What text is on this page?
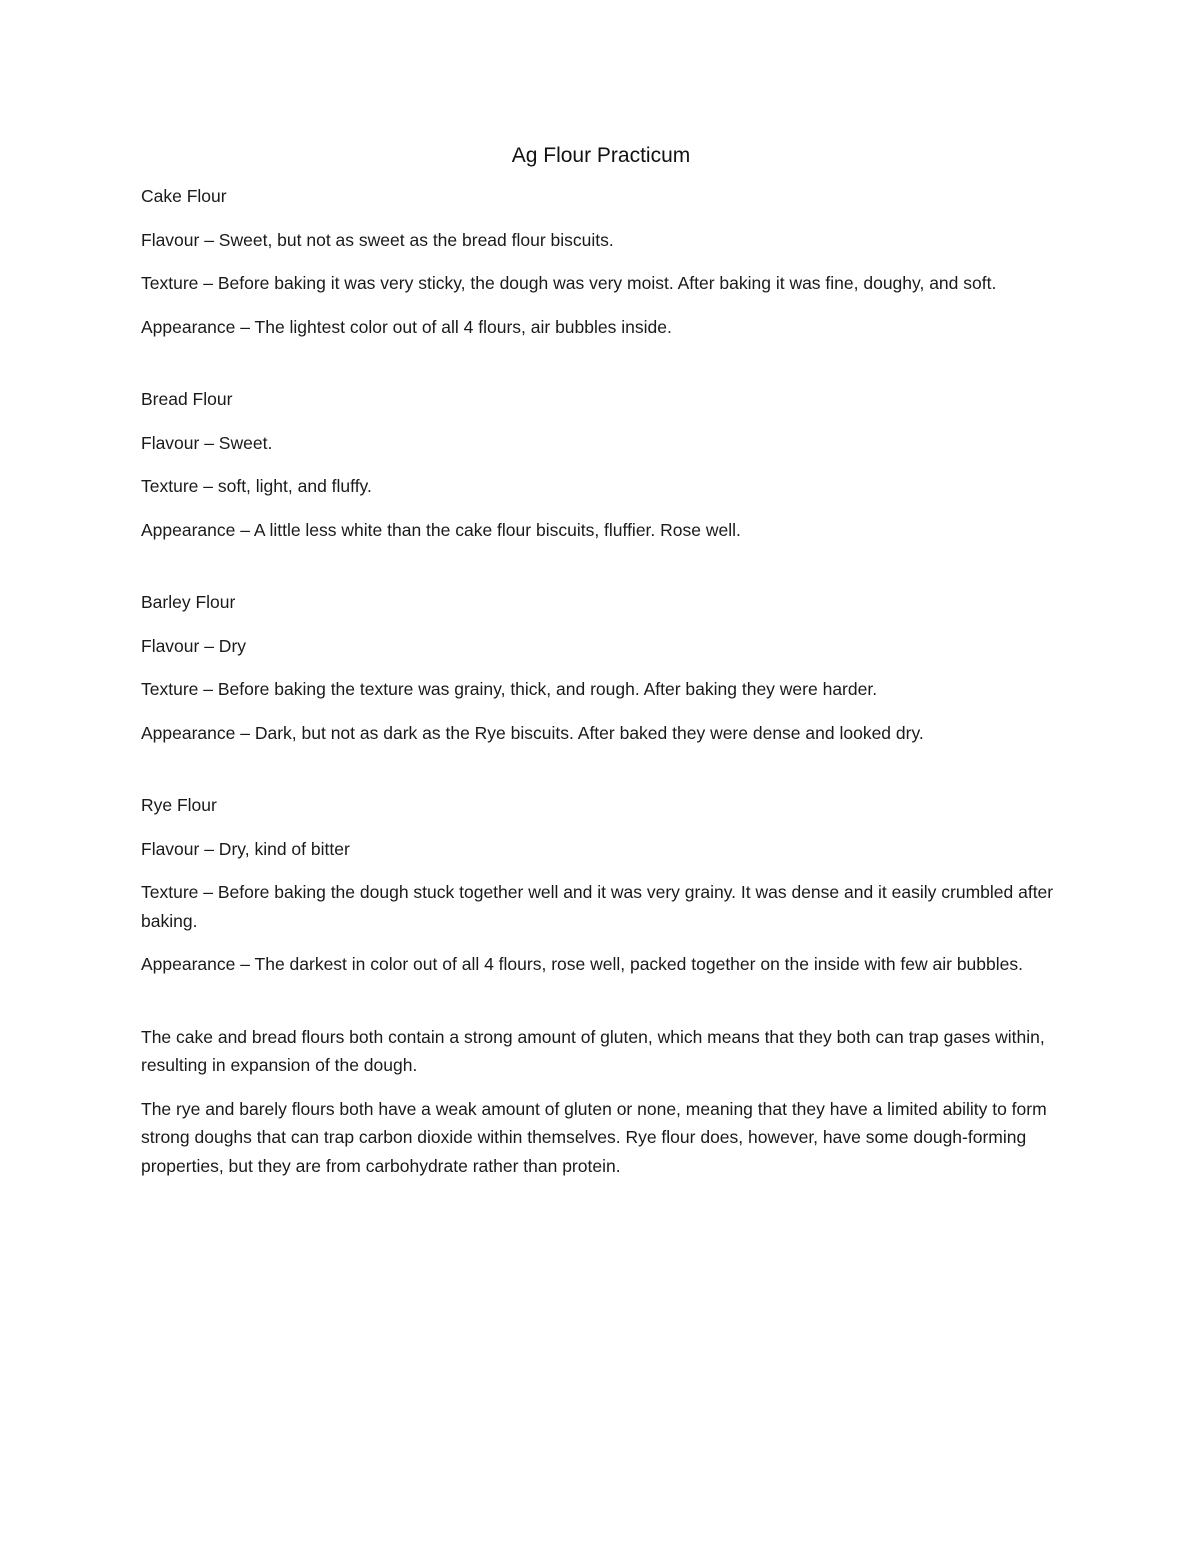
Ag Flour Practicum

Cake Flour

Flavour – Sweet, but not as sweet as the bread flour biscuits.

Texture – Before baking it was very sticky, the dough was very moist. After baking it was fine, doughy, and soft.

Appearance – The lightest color out of all 4 flours, air bubbles inside.

Bread Flour

Flavour – Sweet.

Texture – soft, light, and fluffy.

Appearance – A little less white than the cake flour biscuits, fluffier. Rose well.

Barley Flour

Flavour – Dry

Texture – Before baking the texture was grainy, thick, and rough. After baking they were harder.

Appearance – Dark, but not as dark as the Rye biscuits. After baked they were dense and looked dry.

Rye Flour

Flavour – Dry, kind of bitter

Texture – Before baking the dough stuck together well and it was very grainy. It was dense and it easily crumbled after baking.

Appearance – The darkest in color out of all 4 flours, rose well, packed together on the inside with few air bubbles.

The cake and bread flours both contain a strong amount of gluten, which means that they both can trap gases within, resulting in expansion of the dough.

The rye and barely flours both have a weak amount of gluten or none, meaning that they have a limited ability to form strong doughs that can trap carbon dioxide within themselves. Rye flour does, however, have some dough-forming properties, but they are from carbohydrate rather than protein.
